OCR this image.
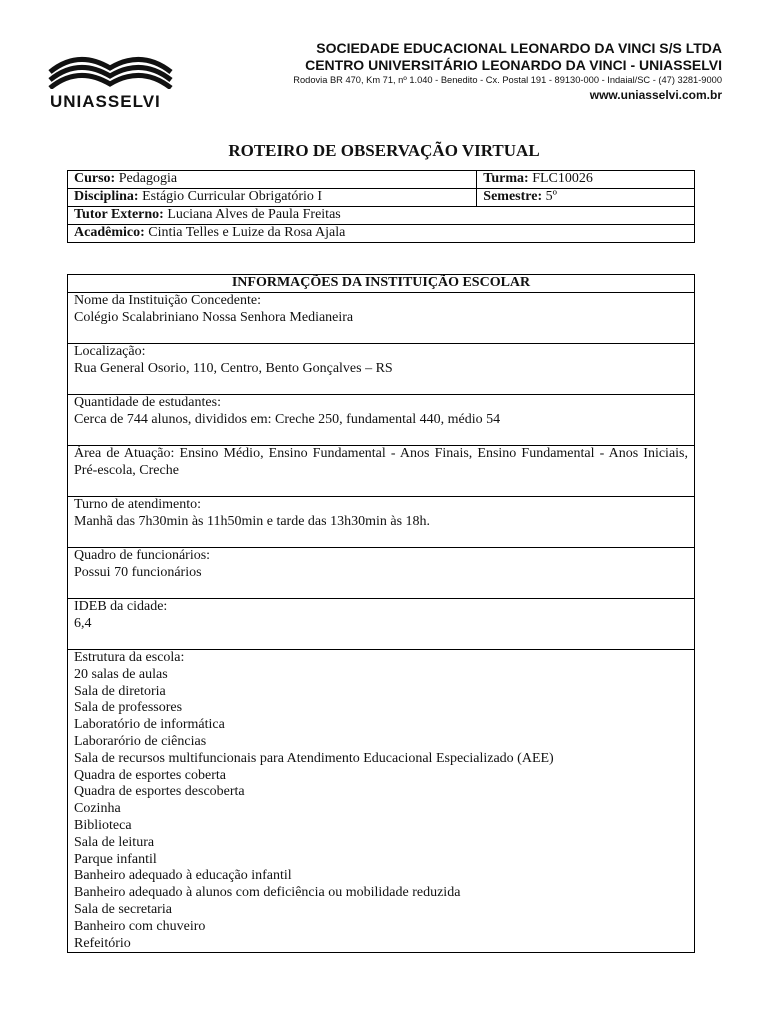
UNIASSELVI
SOCIEDADE EDUCACIONAL LEONARDO DA VINCI S/S LTDA
CENTRO UNIVERSITÁRIO LEONARDO DA VINCI - UNIASSELVI
Rodovia BR 470, Km 71, nº 1.040 - Benedito - Cx. Postal 191 - 89130-000 - Indaial/SC - (47) 3281-9000
www.uniasselvi.com.br
ROTEIRO DE OBSERVAÇÃO VIRTUAL
Curso: Pedagogia	Turma: FLC10026
Disciplina: Estágio Curricular Obrigatório I	Semestre: 5º
Tutor Externo: Luciana Alves de Paula Freitas	
Acadêmico: Cintia Telles e Luize da Rosa Ajala	
INFORMAÇÕES DA INSTITUIÇÃO ESCOLAR

Nome da Instituição Concedente:
Colégio Scalabriniano Nossa Senhora Medianeira

Localização:
Rua General Osorio, 110, Centro, Bento Gonçalves – RS

Quantidade de estudantes:
Cerca de 744 alunos, divididos em: Creche 250, fundamental 440, médio 54

Área de Atuação: Ensino Médio, Ensino Fundamental - Anos Finais, Ensino Fundamental - Anos Iniciais, Pré-escola, Creche

Turno de atendimento:
Manhã das 7h30min às 11h50min e tarde das 13h30min às 18h.

Quadro de funcionários:
Possui 70 funcionários

IDEB da cidade:
6,4

Estrutura da escola:
20 salas de aulas
Sala de diretoria
Sala de professores
Laboratório de informática
Laborarório de ciências
Sala de recursos multifuncionais para Atendimento Educacional Especializado (AEE)
Quadra de esportes coberta
Quadra de esportes descoberta
Cozinha
Biblioteca
Sala de leitura
Parque infantil
Banheiro adequado à educação infantil
Banheiro adequado à alunos com deficiência ou mobilidade reduzida
Sala de secretaria
Banheiro com chuveiro
Refeitório
